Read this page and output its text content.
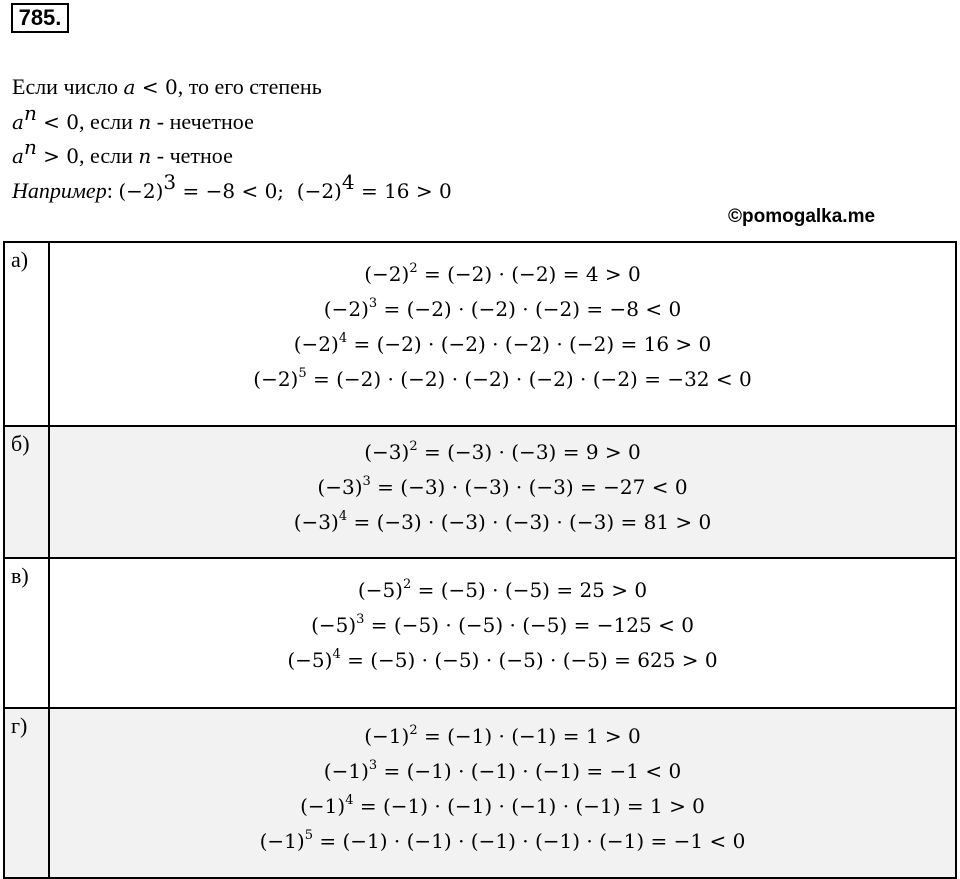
785.
Если число a < 0, то его степень
$a^n < 0$, если n - нечетное
$a^n > 0$, если n - четное
Например: $(-2)^3 = -8 < 0$;  $(-2)^4 = 16 > 0$
©pomogalka.me
а)	$(-2)^2 = (-2) \cdot (-2) = 4 > 0$
$(-2)^3 = (-2) \cdot (-2) \cdot (-2) = -8 < 0$
$(-2)^4 = (-2) \cdot (-2) \cdot (-2) \cdot (-2) = 16 > 0$
$(-2)^5 = (-2) \cdot (-2) \cdot (-2) \cdot (-2) \cdot (-2) = -32 < 0$

б)	$(-3)^2 = (-3) \cdot (-3) = 9 > 0$
$(-3)^3 = (-3) \cdot (-3) \cdot (-3) = -27 < 0$
$(-3)^4 = (-3) \cdot (-3) \cdot (-3) \cdot (-3) = 81 > 0$

в)	$(-5)^2 = (-5) \cdot (-5) = 25 > 0$
$(-5)^3 = (-5) \cdot (-5) \cdot (-5) = -125 < 0$
$(-5)^4 = (-5) \cdot (-5) \cdot (-5) \cdot (-5) = 625 > 0$

г)	$(-1)^2 = (-1) \cdot (-1) = 1 > 0$
$(-1)^3 = (-1) \cdot (-1) \cdot (-1) = -1 < 0$
$(-1)^4 = (-1) \cdot (-1) \cdot (-1) \cdot (-1) = 1 > 0$
$(-1)^5 = (-1) \cdot (-1) \cdot (-1) \cdot (-1) \cdot (-1) = -1 < 0$
